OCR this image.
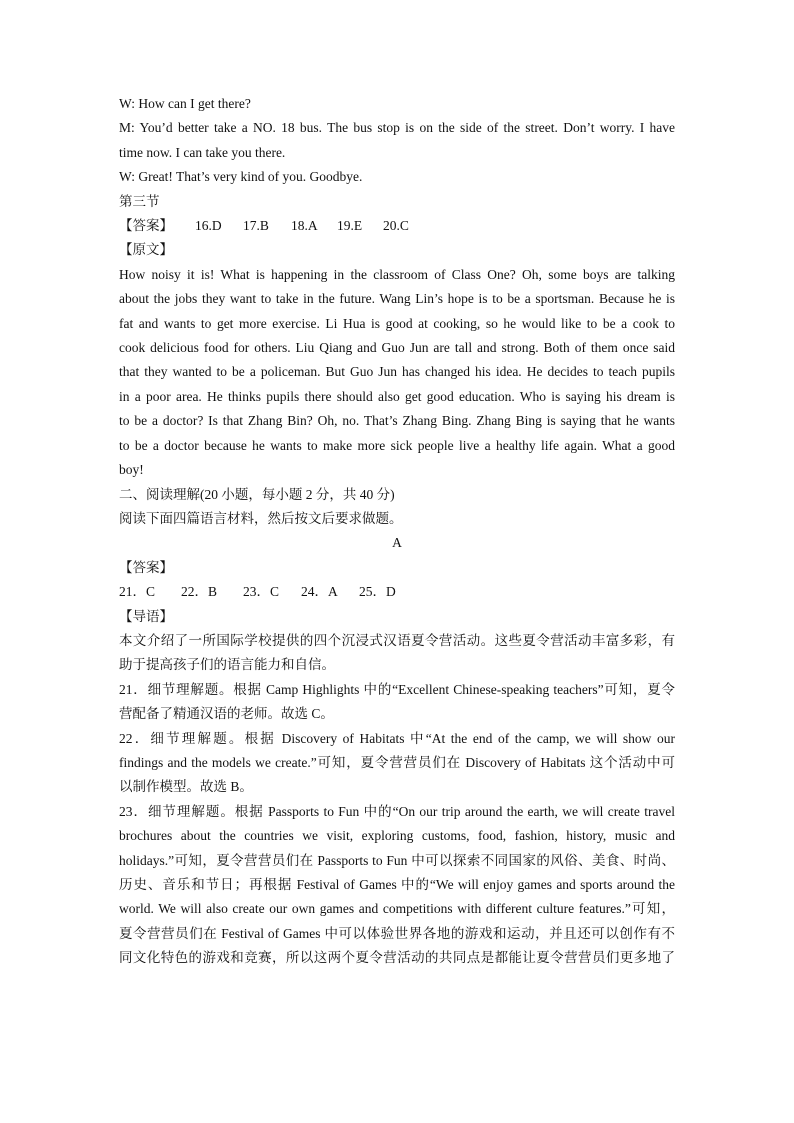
W: How can I get there?
M: You’d better take a NO. 18 bus. The bus stop is on the side of the street. Don’t worry. I have
time now. I can take you there.
W: Great! That’s very kind of you. Goodbye.
第三节
【答案】 16.D 17.B 18.A 19.E 20.C
【原文】
How noisy it is! What is happening in the classroom of Class One? Oh, some boys are talking
about the jobs they want to take in the future. Wang Lin’s hope is to be a sportsman. Because he is
fat and wants to get more exercise. Li Hua is good at cooking, so he would like to be a cook to
cook delicious food for others. Liu Qiang and Guo Jun are tall and strong. Both of them once said
that they wanted to be a policeman. But Guo Jun has changed his idea. He decides to teach pupils
in a poor area. He thinks pupils there should also get good education. Who is saying his dream is
to be a doctor? Is that Zhang Bin? Oh, no. That’s Zhang Bing. Zhang Bing is saying that he wants
to be a doctor because he wants to make more sick people live a healthy life again. What a good
boy!
二、阅读理解(20 小题，每小题 2 分，共 40 分)
阅读下面四篇语言材料，然后按文后要求做题。
A
【答案】
21．C 22．B 23．C 24．A 25．D
【导语】
本文介绍了一所国际学校提供的四个沉浸式汉语夏令营活动。这些夏令营活动丰富多彩，有
助于提高孩子们的语言能力和自信。
21．细节理解题。根据 Camp Highlights 中的“Excellent Chinese-speaking teachers”可知，夏令
营配备了精通汉语的老师。故选 C。
22．细节理解题。根据 Discovery of Habitats 中“At the end of the camp, we will show our
findings and the models we create.”可知，夏令营营员们在 Discovery of Habitats 这个活动中可
以制作模型。故选 B。
23．细节理解题。根据 Passports to Fun 中的“On our trip around the earth, we will create travel
brochures about the countries we visit, exploring customs, food, fashion, history, music and
holidays.”可知，夏令营营员们在 Passports to Fun 中可以探索不同国家的风俗、美食、时尚、
历史、音乐和节日；再根据 Festival of Games 中的“We will enjoy games and sports around the
world. We will also create our own games and competitions with different culture features.”可知，
夏令营营员们在 Festival of Games 中可以体验世界各地的游戏和运动，并且还可以创作有不
同文化特色的游戏和竞赛，所以这两个夏令营活动的共同点是都能让夏令营营员们更多地了
